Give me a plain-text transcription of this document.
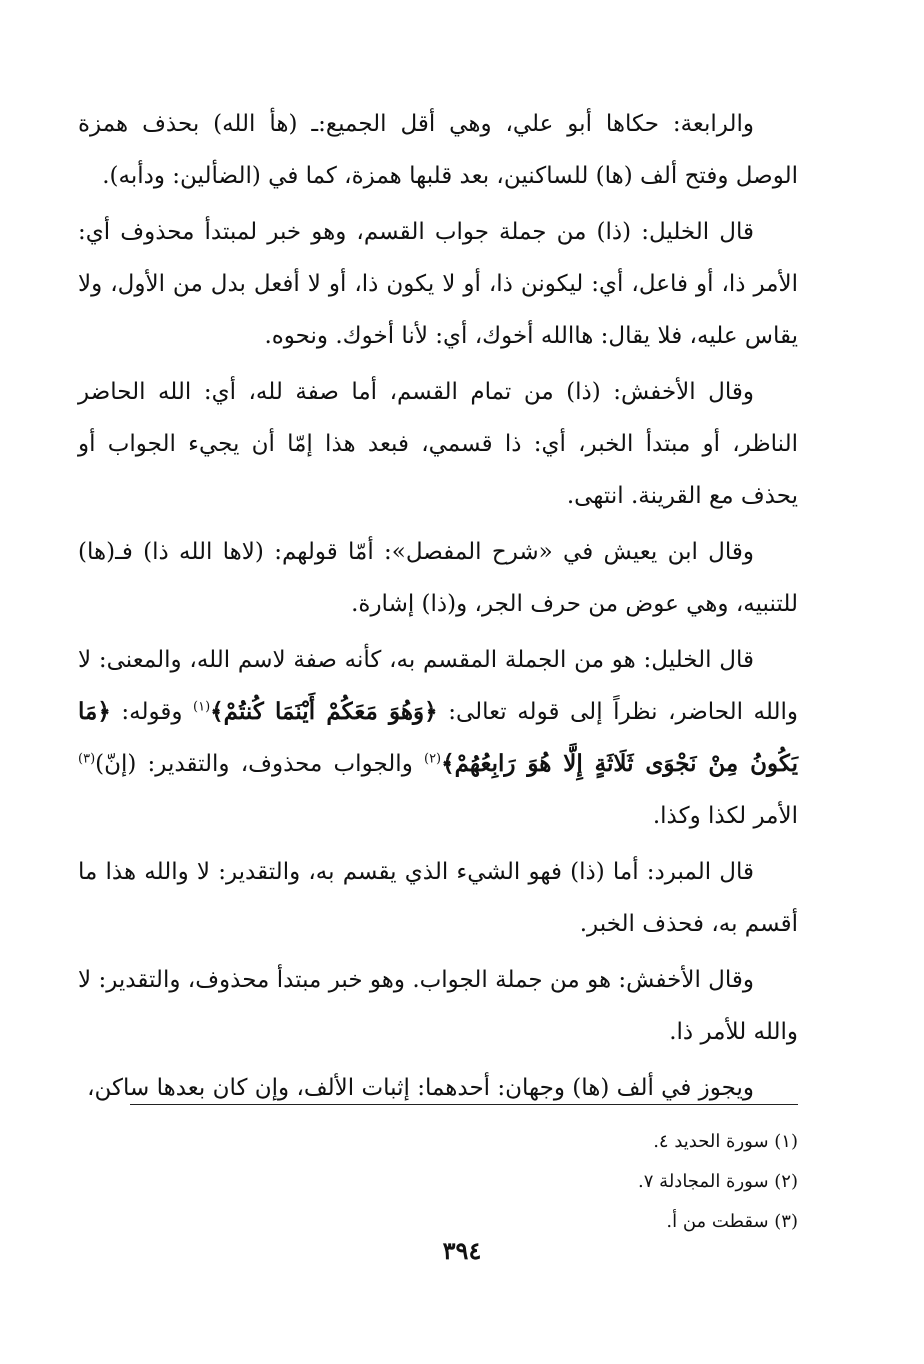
والرابعة: حكاها أبو علي، وهي أقل الجميع:ـ (هأ الله) بحذف همزة الوصل وفتح ألف (ها) للساكنين، بعد قلبها همزة، كما في (الضألين: ودأبه).

قال الخليل: (ذا) من جملة جواب القسم، وهو خبر لمبتدأ محذوف أي: الأمر ذا، أو فاعل، أي: ليكونن ذا، أو لا يكون ذا، أو لا أفعل بدل من الأول، ولا يقاس عليه، فلا يقال: هاالله أخوك، أي: لأنا أخوك. ونحوه.

وقال الأخفش: (ذا) من تمام القسم، أما صفة لله، أي: الله الحاضر الناظر، أو مبتدأ الخبر، أي: ذا قسمي، فبعد هذا إمّا أن يجيء الجواب أو يحذف مع القرينة. انتهى.

وقال ابن يعيش في «شرح المفصل»: أمّا قولهم: (لاها الله ذا) فـ(ها) للتنبيه، وهي عوض من حرف الجر، و(ذا) إشارة.

قال الخليل: هو من الجملة المقسم به، كأنه صفة لاسم الله، والمعنى: لا والله الحاضر، نظراً إلى قوله تعالى: ﴿وَهُوَ مَعَكُمْ أَيْنَمَا كُنتُمْ﴾$^{(١)}$ وقوله: ﴿مَا يَكُونُ مِنْ نَجْوَى ثَلَاثَةٍ إِلَّا هُوَ رَابِعُهُمْ﴾$^{(٢)}$ والجواب محذوف، والتقدير: (إنّ)$^{(٣)}$ الأمر لكذا وكذا.

قال المبرد: أما (ذا) فهو الشيء الذي يقسم به، والتقدير: لا والله هذا ما أقسم به، فحذف الخبر.

وقال الأخفش: هو من جملة الجواب. وهو خبر مبتدأ محذوف، والتقدير: لا والله للأمر ذا.

ويجوز في ألف (ها) وجهان: أحدهما: إثبات الألف، وإن كان بعدها ساكن،

(١) سورة الحديد ٤.

(٢) سورة المجادلة ٧.

(٣) سقطت من أ.

٣٩٤
